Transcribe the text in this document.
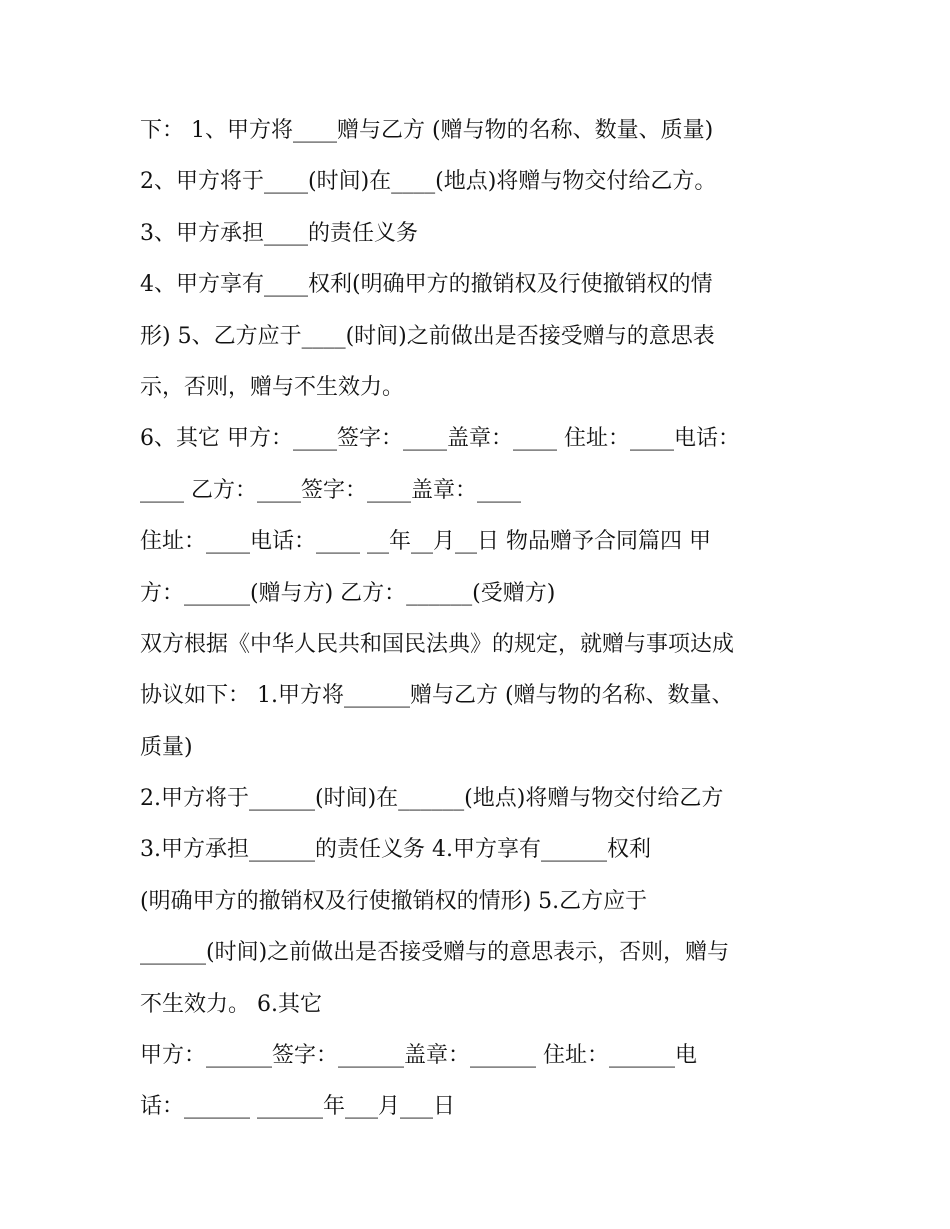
下： 1、甲方将____赠与乙方 (赠与物的名称、数量、质量)
2、甲方将于____(时间)在____(地点)将赠与物交付给乙方。
3、甲方承担____的责任义务
4、甲方享有____权利(明确甲方的撤销权及行使撤销权的情
形) 5、乙方应于____(时间)之前做出是否接受赠与的意思表
示，否则，赠与不生效力。
6、其它 甲方：____签字：____盖章：____ 住址：____电话：
____ 乙方：____签字：____盖章：____
住址：____电话：____ __年__月__日 物品赠予合同篇四 甲
方：______(赠与方) 乙方：______(受赠方)
双方根据《中华人民共和国民法典》的规定，就赠与事项达成
协议如下： 1.甲方将______赠与乙方 (赠与物的名称、数量、
质量)
2.甲方将于______(时间)在______(地点)将赠与物交付给乙方
3.甲方承担______的责任义务 4.甲方享有______权利
(明确甲方的撤销权及行使撤销权的情形) 5.乙方应于
______(时间)之前做出是否接受赠与的意思表示，否则，赠与
不生效力。 6.其它
甲方：______签字：______盖章：______ 住址：______电
话：______ ______年___月___日
